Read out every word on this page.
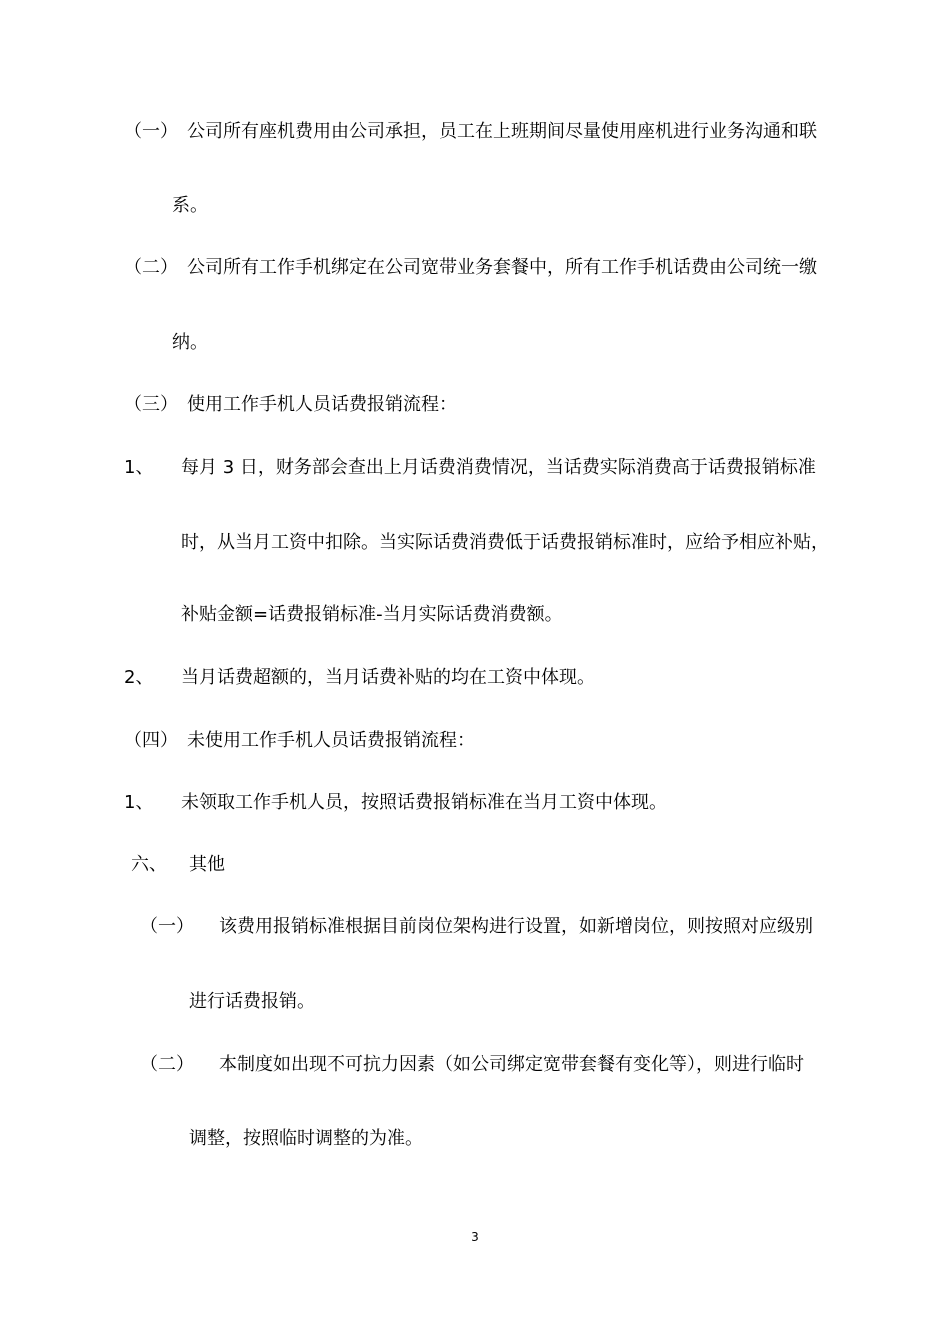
（一） 公司所有座机费用由公司承担，员工在上班期间尽量使用座机进行业务沟通和联
系。
（二） 公司所有工作手机绑定在公司宽带业务套餐中，所有工作手机话费由公司统一缴
纳。
（三） 使用工作手机人员话费报销流程：
1、 每月 3 日，财务部会查出上月话费消费情况，当话费实际消费高于话费报销标准
时，从当月工资中扣除。当实际话费消费低于话费报销标准时，应给予相应补贴，
补贴金额=话费报销标准-当月实际话费消费额。
2、 当月话费超额的，当月话费补贴的均在工资中体现。
（四） 未使用工作手机人员话费报销流程：
1、 未领取工作手机人员，按照话费报销标准在当月工资中体现。
六、 其他
（一） 该费用报销标准根据目前岗位架构进行设置，如新增岗位，则按照对应级别
进行话费报销。
（二） 本制度如出现不可抗力因素（如公司绑定宽带套餐有变化等），则进行临时
调整，按照临时调整的为准。
3
